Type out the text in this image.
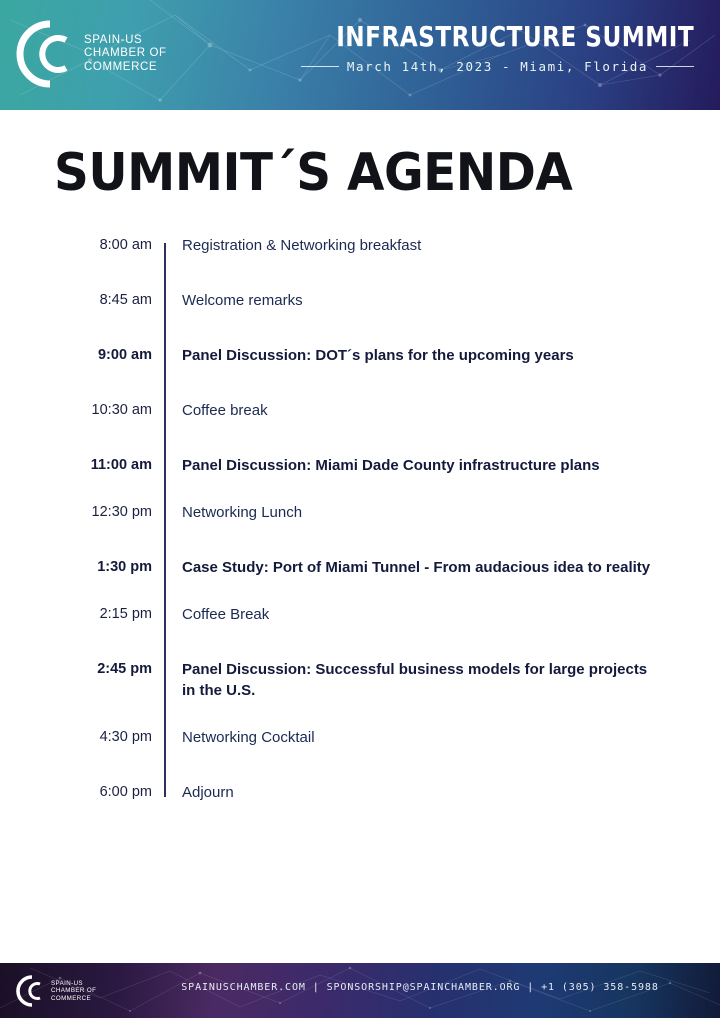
SPAIN-US
CHAMBER OF
COMMERCE
INFRASTRUCTURE SUMMIT
March 14th, 2023 - Miami, Florida
SUMMIT´S AGENDA
8:00 am	Registration & Networking breakfast
8:45 am	Welcome remarks
9:00 am	Panel Discussion: DOT´s plans for the upcoming years
10:30 am	Coffee break
11:00 am	Panel Discussion: Miami Dade County infrastructure plans
12:30 pm	Networking Lunch
1:30 pm	Case Study: Port of Miami Tunnel - From audacious idea to reality
2:15 pm	Coffee Break
2:45 pm	Panel Discussion: Successful business models for large projects in the U.S.
4:30 pm	Networking Cocktail
6:00 pm	Adjourn
SPAIN-US
CHAMBER OF
COMMERCE
SPAINUSCHAMBER.COM | SPONSORSHIP@SPAINCHAMBER.ORG | +1 (305) 358-5988
